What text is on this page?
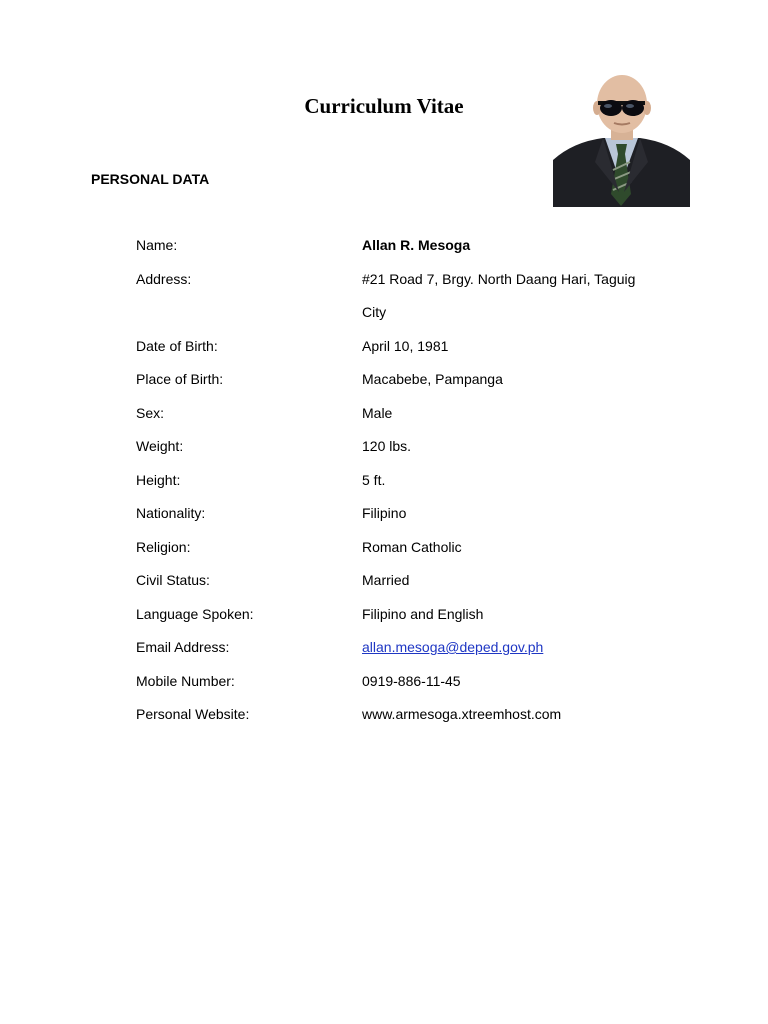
Curriculum Vitae
PERSONAL DATA
Name:	Allan R. Mesoga
Address:	#21 Road 7, Brgy. North Daang Hari, Taguig
City
Date of Birth:	April 10, 1981
Place of Birth:	Macabebe, Pampanga
Sex:	Male
Weight:	120 lbs.
Height:	5 ft.
Nationality:	Filipino
Religion:	Roman Catholic
Civil Status:	Married
Language Spoken:	Filipino and English
Email Address:	allan.mesoga@deped.gov.ph
Mobile Number:	0919-886-11-45
Personal Website:	www.armesoga.xtreemhost.com
